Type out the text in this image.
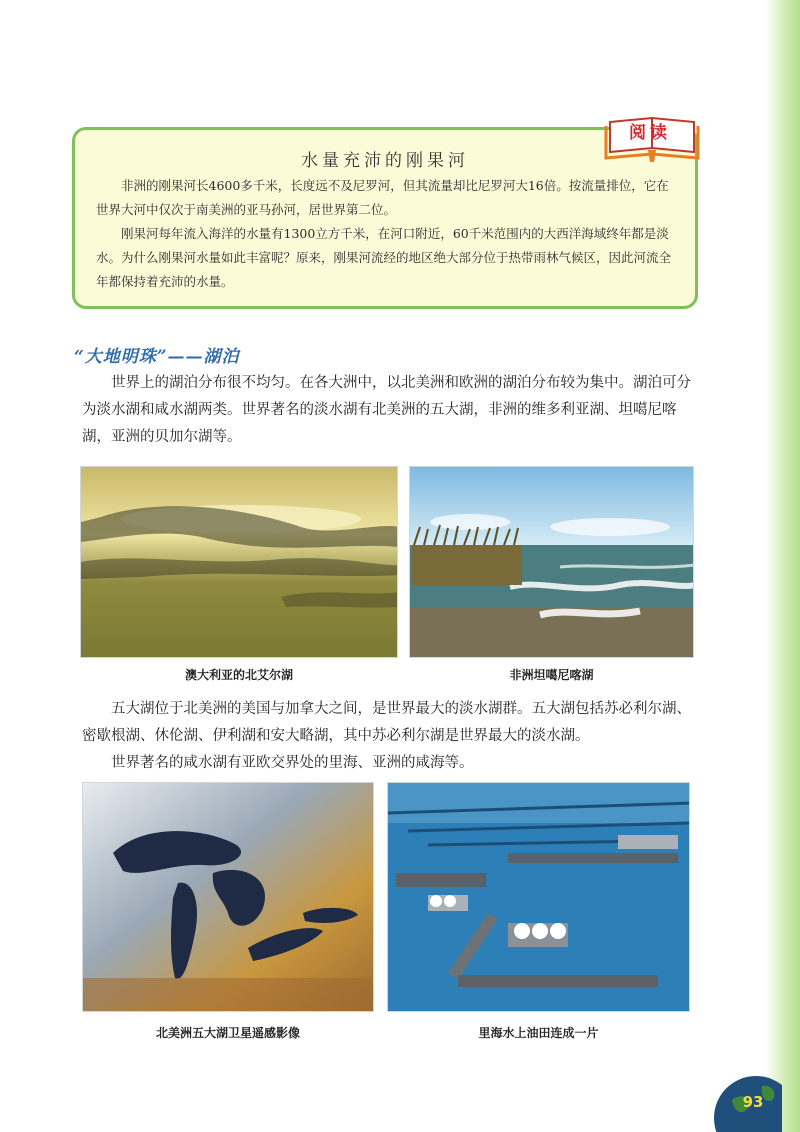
阅读
水量充沛的刚果河
非洲的刚果河长4600多千米，长度远不及尼罗河，但其流量却比尼罗河大16倍。按流量排位，它在世界大河中仅次于南美洲的亚马孙河，居世界第二位。
刚果河每年流入海洋的水量有1300立方千米，在河口附近，60千米范围内的大西洋海域终年都是淡水。为什么刚果河水量如此丰富呢？原来，刚果河流经的地区绝大部分位于热带雨林气候区，因此河流全年都保持着充沛的水量。
“大地明珠”——湖泊
世界上的湖泊分布很不均匀。在各大洲中，以北美洲和欧洲的湖泊分布较为集中。湖泊可分为淡水湖和咸水湖两类。世界著名的淡水湖有北美洲的五大湖，非洲的维多利亚湖、坦噶尼喀湖，亚洲的贝加尔湖等。
澳大利亚的北艾尔湖	非洲坦噶尼喀湖
五大湖位于北美洲的美国与加拿大之间，是世界最大的淡水湖群。五大湖包括苏必利尔湖、密歇根湖、休伦湖、伊利湖和安大略湖，其中苏必利尔湖是世界最大的淡水湖。
世界著名的咸水湖有亚欧交界处的里海、亚洲的咸海等。
北美洲五大湖卫星遥感影像	里海水上油田连成一片
93
